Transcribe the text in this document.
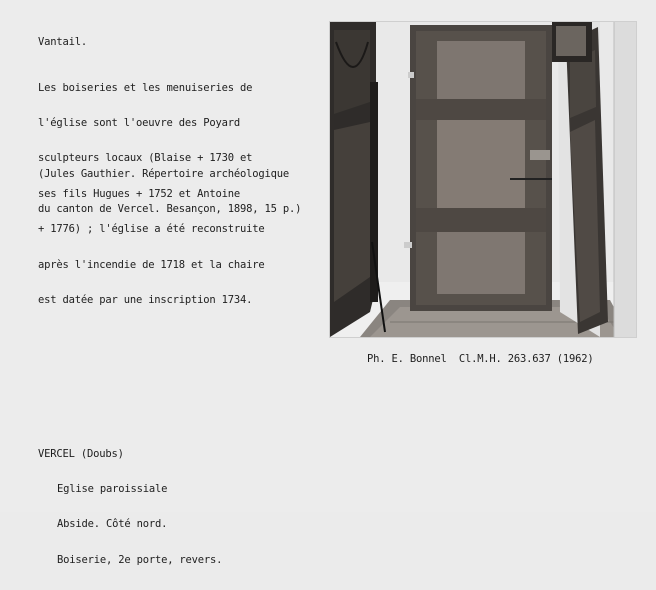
Vantail.

Les boiseries et les menuiseries de

l'église sont l'oeuvre des Poyard

sculpteurs locaux (Blaise + 1730 et

ses fils Hugues + 1752 et Antoine

+ 1776) ; l'église a été reconstruite

après l'incendie de 1718 et la chaire

est datée par une inscription 1734.

(Jules Gauthier. Répertoire archéologique

du canton de Vercel. Besançon, 1898, 15 p.)

Ph. E. Bonnel  Cl.M.H. 263.637 (1962)

VERCEL (Doubs)

Eglise paroissiale

Abside. Côté nord.

Boiserie, 2e porte, revers.
